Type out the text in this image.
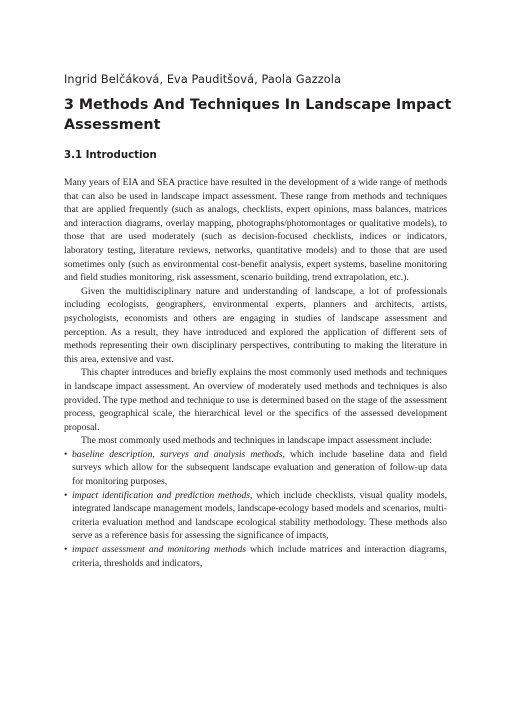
Ingrid Belčáková, Eva Pauditšová, Paola Gazzola
3 Methods And Techniques In Landscape Impact Assessment
3.1 Introduction

Many years of EIA and SEA practice have resulted in the development of a wide range of methods that can also be used in landscape impact assessment. These range from methods and techniques that are applied frequently (such as analogs, checklists, expert opinions, mass balances, matrices and interaction diagrams, overlay mapping, photographs/photomontages or qualitative models), to those that are used moderately (such as decision-focused checklists, indices or indicators, laboratory testing, literature reviews, networks, quantitative models) and to those that are used sometimes only (such as environmental cost-benefit analysis, expert systems, baseline monitoring and field studies monitoring, risk assessment, scenario building, trend extrapolation, etc.).

Given the multidisciplinary nature and understanding of landscape, a lot of professionals including ecologists, geographers, environmental experts, planners and architects, artists, psychologists, economists and others are engaging in studies of landscape assessment and perception. As a result, they have introduced and explored the application of different sets of methods representing their own disciplinary perspectives, contributing to making the literature in this area, extensive and vast.

This chapter introduces and briefly explains the most commonly used methods and techniques in landscape impact assessment. An overview of moderately used methods and techniques is also provided. The type method and technique to use is determined based on the stage of the assessment process, geographical scale, the hierarchical level or the specifics of the assessed development proposal.

The most commonly used methods and techniques in landscape impact assessment include:

• baseline description, surveys and analysis methods, which include baseline data and field surveys which allow for the subsequent landscape evaluation and generation of follow-up data for monitoring purposes,
• impact identification and prediction methods, which include checklists, visual quality models, integrated landscape management models, landscape-ecology based models and scenarios, multi-criteria evaluation method and landscape ecological stability methodology. These methods also serve as a reference basis for assessing the significance of impacts,
• impact assessment and monitoring methods which include matrices and interaction diagrams, criteria, thresholds and indicators,
